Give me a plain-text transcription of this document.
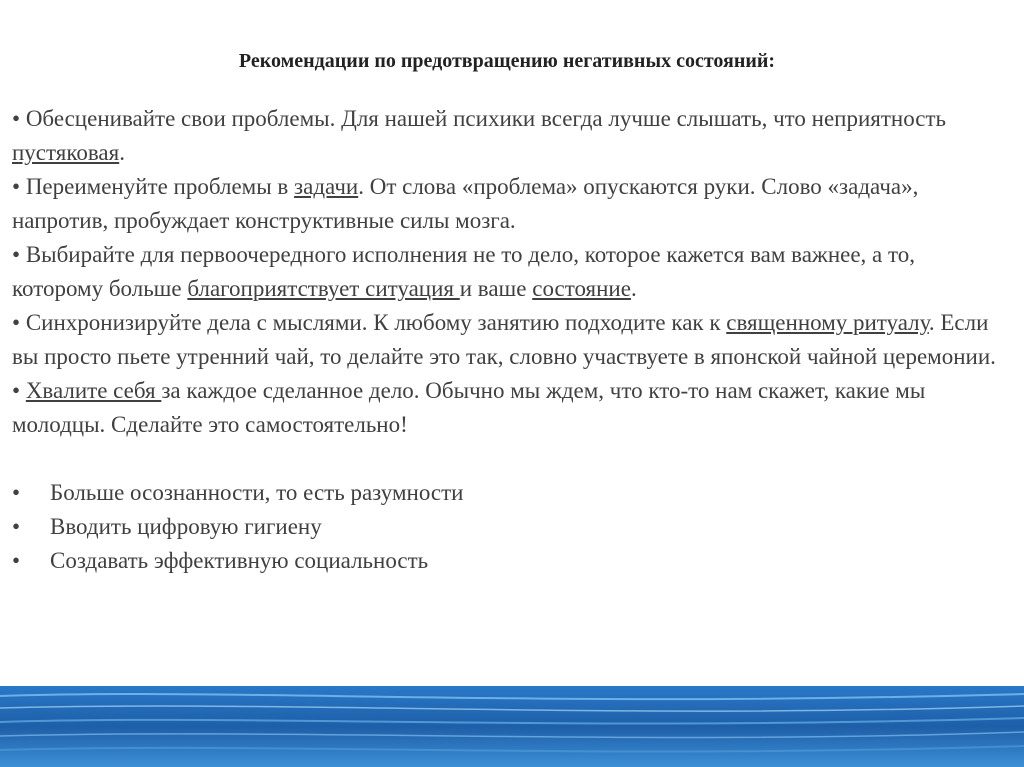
Рекомендации по предотвращению негативных состояний:

• Обесценивайте свои проблемы. Для нашей психики всегда лучше слышать, что неприятность пустяковая.

• Переименуйте проблемы в задачи. От слова «проблема» опускаются руки. Слово «задача», напротив, пробуждает конструктивные силы мозга.

• Выбирайте для первоочередного исполнения не то дело, которое кажется вам важнее, а то, которому больше благоприятствует ситуация и ваше состояние.

• Синхронизируйте дела с мыслями. К любому занятию подходите как к священному ритуалу. Если вы просто пьете утренний чай, то делайте это так, словно участвуете в японской чайной церемонии.

• Хвалите себя за каждое сделанное дело. Обычно мы ждем, что кто-то нам скажет, какие мы молодцы. Сделайте это самостоятельно!

•	Больше осознанности, то есть разумности
•	Вводить цифровую гигиену
•	Создавать эффективную социальность
